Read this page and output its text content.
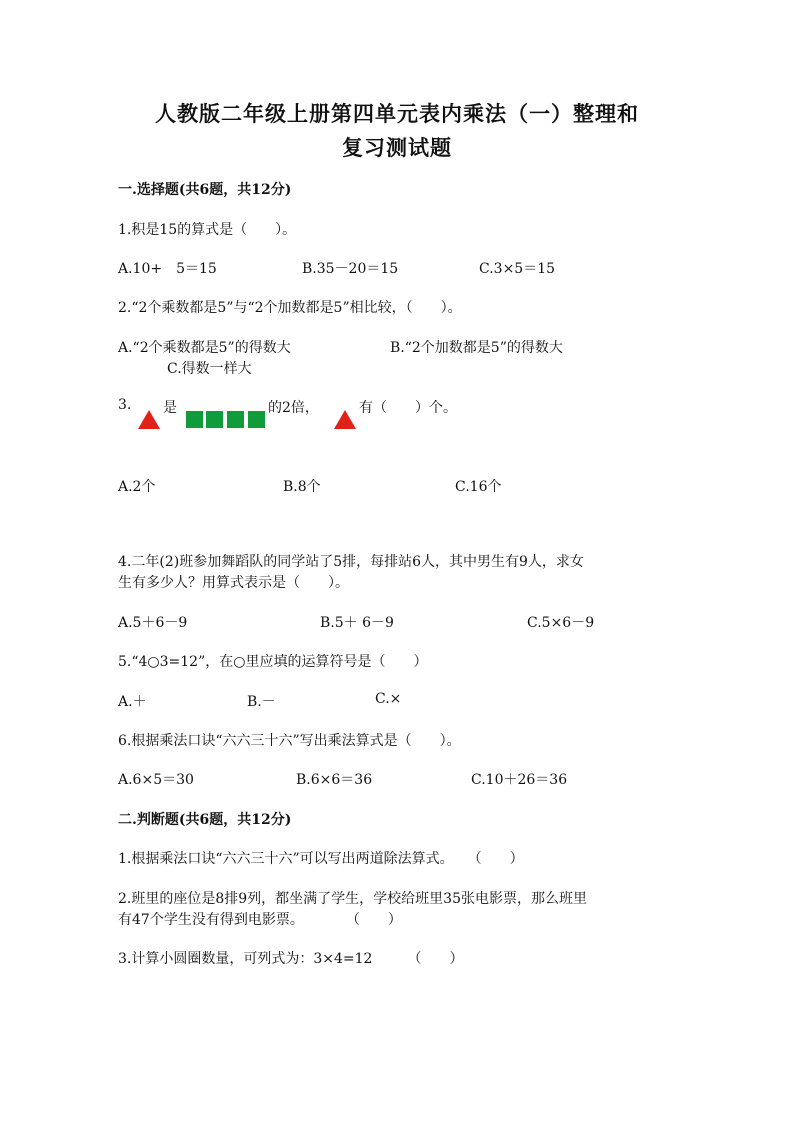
人教版二年级上册第四单元表内乘法（一）整理和
复习测试题
一.选择题(共6题，共12分)
1.积是15的算式是（　　）。
A.10+　5＝15	B.35－20＝15	C.3×5＝15
2.“2个乘数都是5”与“2个加数都是5”相比较，（　　）。
A.“2个乘数都是5”的得数大	B.“2个加数都是5”的得数大
C.得数一样大
3. 是	的2倍，	有（　　）个。
A.2个	B.8个	C.16个
4.二年(2)班参加舞蹈队的同学站了5排，每排站6人，其中男生有9人，求女
生有多少人？用算式表示是（　　）。
A.5＋6－9	B.5＋ 6－9	C.5×6－9
5.“4○3=12”，在○里应填的运算符号是（　　）
A.＋	B.－	C.×
6.根据乘法口诀“六六三十六”写出乘法算式是（　　）。
A.6×5＝30	B.6×6＝36	C.10＋26＝36
二.判断题(共6题，共12分)
1.根据乘法口诀“六六三十六”可以写出两道除法算式。　　（　　）
2.班里的座位是8排9列，都坐满了学生，学校给班里35张电影票，那么班里
有47个学生没有得到电影票。　　　　（　　）
3.计算小圆圈数量，可列式为：3×4=12　　　（　　）
